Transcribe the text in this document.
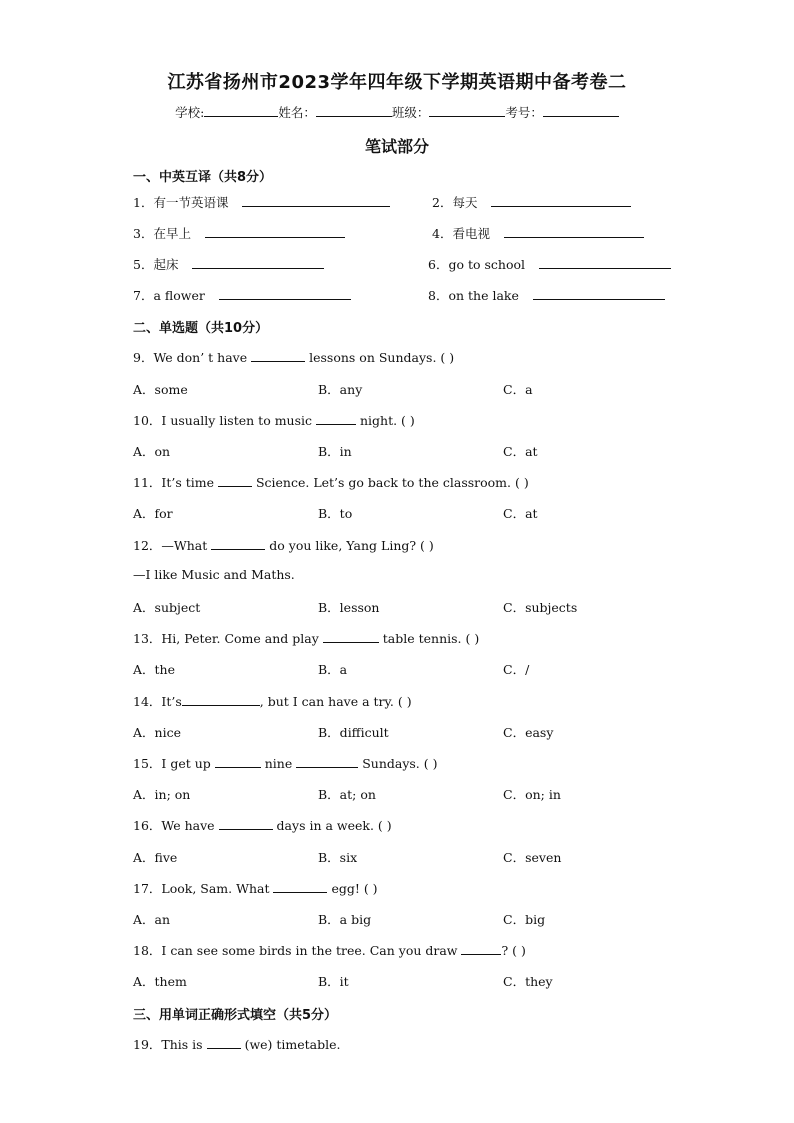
江苏省扬州市2023学年四年级下学期英语期中备考卷二
学校:	姓名：	班级：	考号：
笔试部分
一、中英互译（共8分）
1．有一节英语课	2．每天
3．在早上	4．看电视
5．起床	6．go to school
7．a flower	8．on the lake
二、单选题（共10分）
9．We don’ t have	lessons on Sundays. ( )
A．some	B．any	C．a
10．I usually listen to music	night. ( )
A．on	B．in	C．at
11．It’s time	Science. Let’s go back to the classroom. ( )
A．for	B．to	C．at
12．—What	do you like, Yang Ling? ( )
—I like Music and Maths.
A．subject	B．lesson	C．subjects
13．Hi, Peter. Come and play	table tennis. ( )
A．the	B．a	C．/
14．It’s	, but I can have a try. ( )
A．nice	B．difficult	C．easy
15．I get up	nine	Sundays. ( )
A．in; on	B．at; on	C．on; in
16．We have	days in a week. ( )
A．five	B．six	C．seven
17．Look, Sam. What	egg! ( )
A．an	B．a big	C．big
18．I can see some birds in the tree. Can you draw	? ( )
A．them	B．it	C．they
三、用单词正确形式填空（共5分）
19．This is	(we) timetable.
